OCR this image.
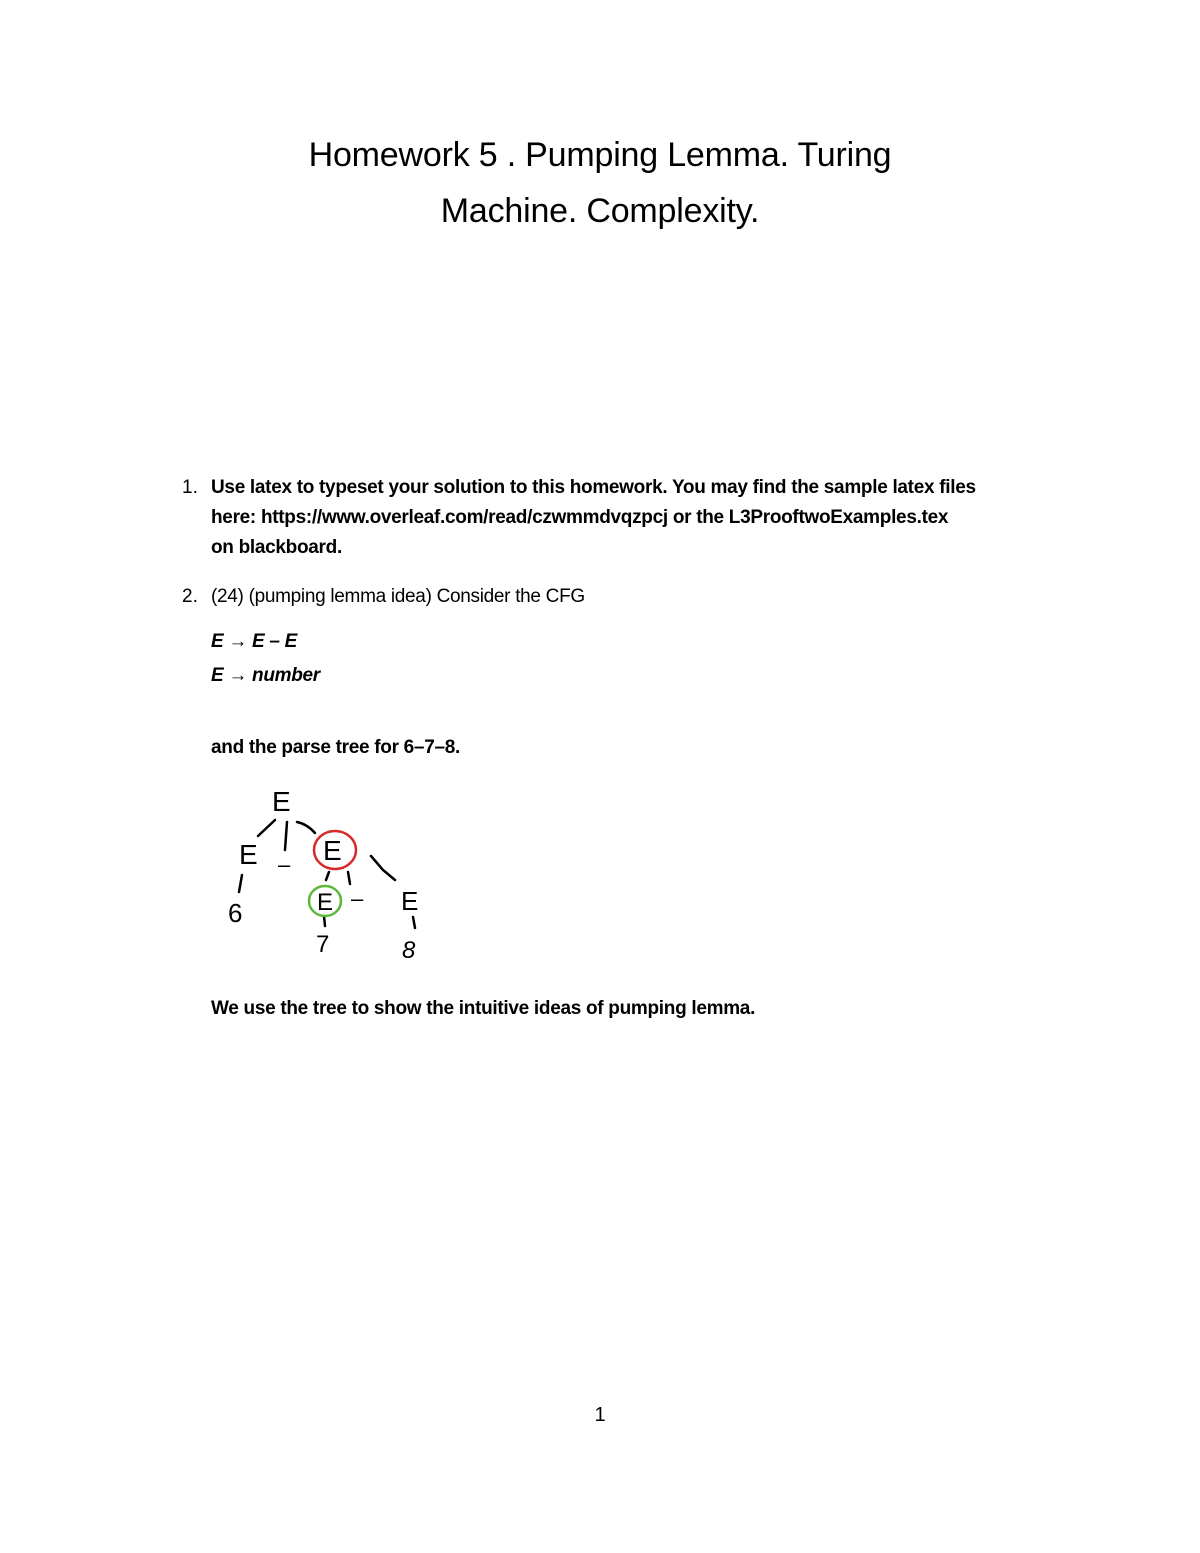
Homework 5 . Pumping Lemma. Turing
Machine. Complexity.
1. Use latex to typeset your solution to this homework. You may find the sample latex files
here: https://www.overleaf.com/read/czwmmdvqzpcj or the L3ProoftwoExamples.tex
on blackboard.
2. (24) (pumping lemma idea) Consider the CFG
E → E – E
E → number
and the parse tree for 6–7–8.
E
E – E
6	E – E
7	8
We use the tree to show the intuitive ideas of pumping lemma.
1
